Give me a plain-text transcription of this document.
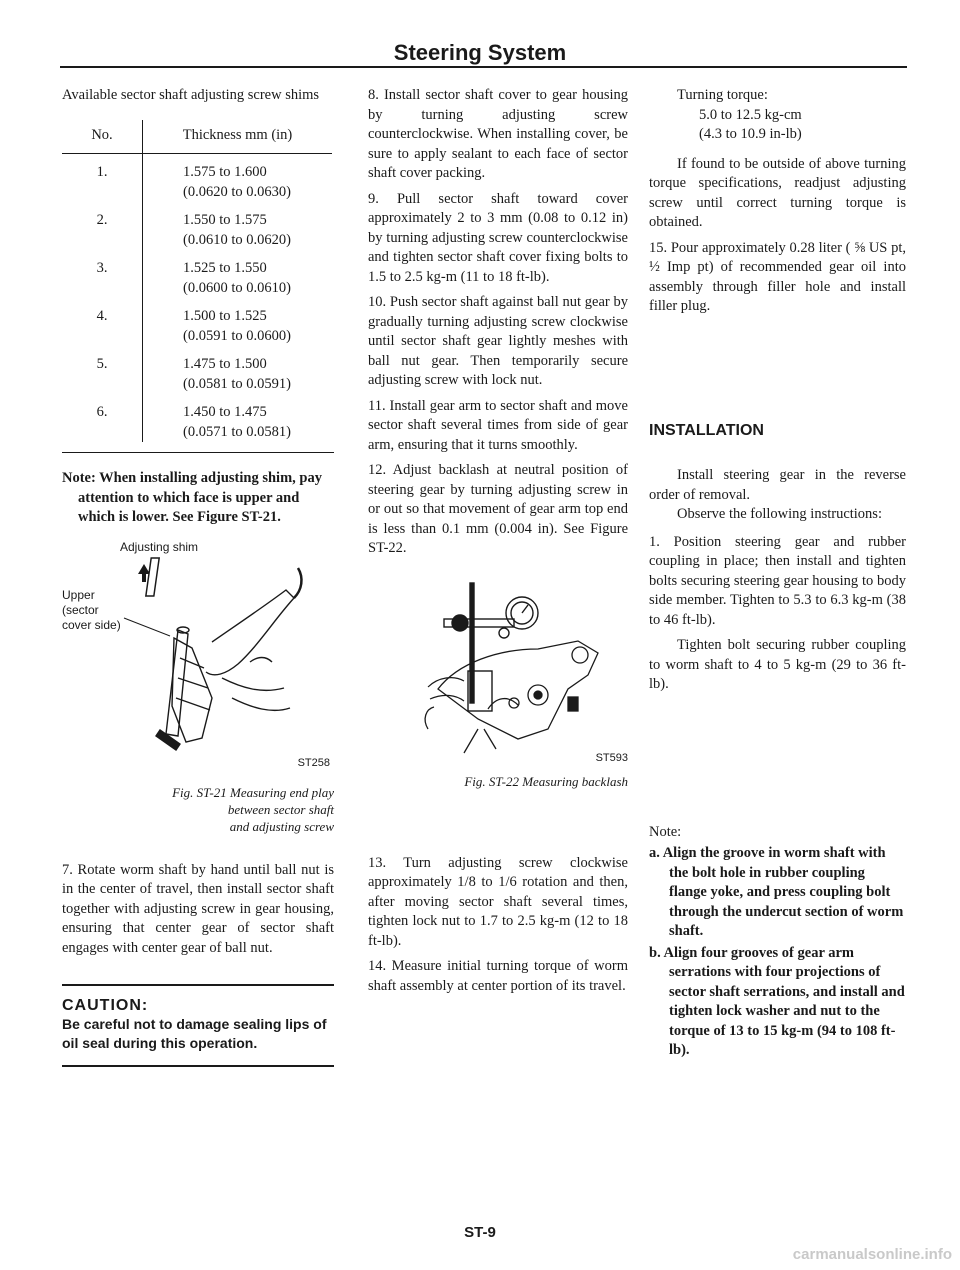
Steering System

Available sector shaft adjusting screw shims

No.	Thickness mm (in)
1.	1.575 to 1.600
(0.0620 to 0.0630)

2.	1.550 to 1.575
(0.0610 to 0.0620)

3.	1.525 to 1.550
(0.0600 to 0.0610)

4.	1.500 to 1.525
(0.0591 to 0.0600)

5.	1.475 to 1.500
(0.0581 to 0.0591)

6.	1.450 to 1.475
(0.0571 to 0.0581)
Note: When installing adjusting shim, pay attention to which face is upper and which is lower. See Figure ST-21.
Adjusting shim
Upper
(sector
cover side)
ST258
Fig. ST-21 Measuring end play
between sector shaft
and adjusting screw

7. Rotate worm shaft by hand until ball nut is in the center of travel, then install sector shaft together with adjusting screw in gear housing, ensuring that center gear of sector shaft engages with center gear of ball nut.

CAUTION:
Be careful not to damage sealing lips of oil seal during this operation.

8. Install sector shaft cover to gear housing by turning adjusting screw counterclockwise. When installing cover, be sure to apply sealant to each face of sector shaft cover packing.

9. Pull sector shaft toward cover approximately 2 to 3 mm (0.08 to 0.12 in) by turning adjusting screw counterclockwise and tighten sector shaft cover fixing bolts to 1.5 to 2.5 kg-m (11 to 18 ft-lb).

10. Push sector shaft against ball nut gear by gradually turning adjusting screw clockwise until sector shaft gear lightly meshes with ball nut gear. Then temporarily secure adjusting screw with lock nut.

11. Install gear arm to sector shaft and move sector shaft several times from side of gear arm, ensuring that it turns smoothly.

12. Adjust backlash at neutral position of steering gear by turning adjusting screw in or out so that movement of gear arm top end is less than 0.1 mm (0.004 in). See Figure ST-22.

ST593
Fig. ST-22 Measuring backlash

13. Turn adjusting screw clockwise approximately 1/8 to 1/6 rotation and then, after moving sector shaft several times, tighten lock nut to 1.7 to 2.5 kg-m (12 to 18 ft-lb).

14. Measure initial turning torque of worm shaft assembly at center portion of its travel.

Turning torque:
5.0 to 12.5 kg-cm
(4.3 to 10.9 in-lb)

If found to be outside of above turning torque specifications, readjust adjusting screw until correct turning torque is obtained.

15. Pour approximately 0.28 liter ( ⅝ US pt, ½ Imp pt) of recommended gear oil into assembly through filler hole and install filler plug.

INSTALLATION

Install steering gear in the reverse order of removal.

Observe the following instructions:

1. Position steering gear and rubber coupling in place; then install and tighten bolts securing steering gear housing to body side member. Tighten to 5.3 to 6.3 kg-m (38 to 46 ft-lb).

Tighten bolt securing rubber coupling to worm shaft to 4 to 5 kg-m (29 to 36 ft-lb).

Note:
a. Align the groove in worm shaft with the bolt hole in rubber coupling flange yoke, and press coupling bolt through the undercut section of worm shaft.
b. Align four grooves of gear arm serrations with four projections of sector shaft serrations, and install and tighten lock washer and nut to the torque of 13 to 15 kg-m (94 to 108 ft-lb).
ST-9
carmanualsonline.info
